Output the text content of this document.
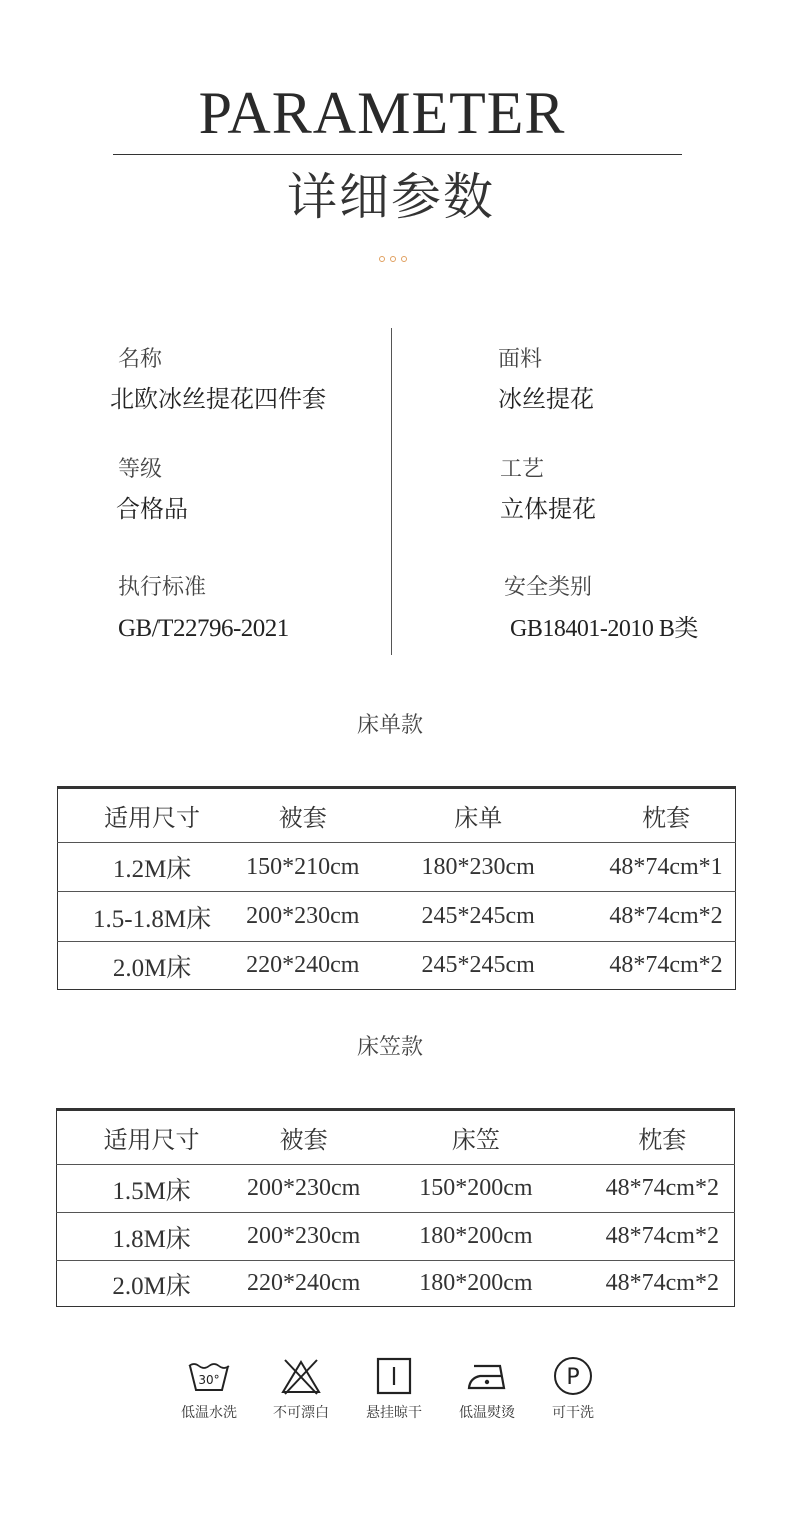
PARAMETER
详细参数
名称
北欧冰丝提花四件套
面料
冰丝提花
等级
合格品
工艺
立体提花
执行标准
GB/T22796-2021
安全类别
GB18401-2010 B类
床单款
适用尺寸	被套	床单	枕套
1.2M床	150*210cm	180*230cm	48*74cm*1
1.5-1.8M床	200*230cm	245*245cm	48*74cm*2
2.0M床	220*240cm	245*245cm	48*74cm*2
床笠款
适用尺寸	被套	床笠	枕套
1.5M床	200*230cm	150*200cm	48*74cm*2
1.8M床	200*230cm	180*200cm	48*74cm*2
2.0M床	220*240cm	180*200cm	48*74cm*2
30°
低温水洗	不可漂白	悬挂晾干	低温熨烫
P
可干洗
